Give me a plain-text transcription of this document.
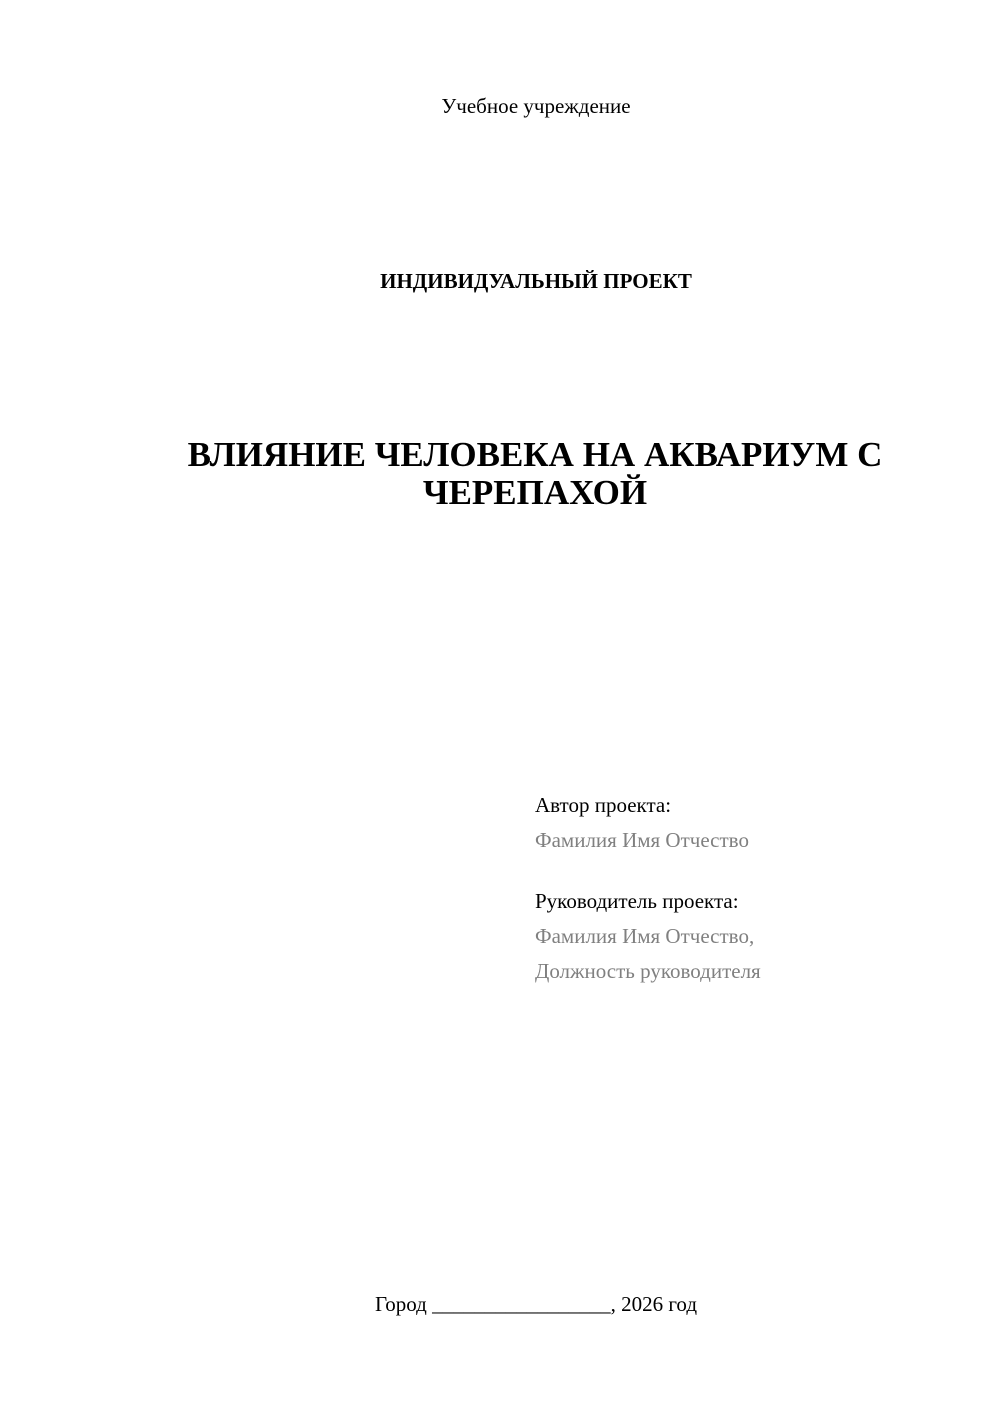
Учебное учреждение
ИНДИВИДУАЛЬНЫЙ ПРОЕКТ
ВЛИЯНИЕ ЧЕЛОВЕКА НА АКВАРИУМ С
ЧЕРЕПАХОЙ
Автор проекта:
Фамилия Имя Отчество
Руководитель проекта:
Фамилия Имя Отчество,
Должность руководителя
Город _________________, 2026 год
